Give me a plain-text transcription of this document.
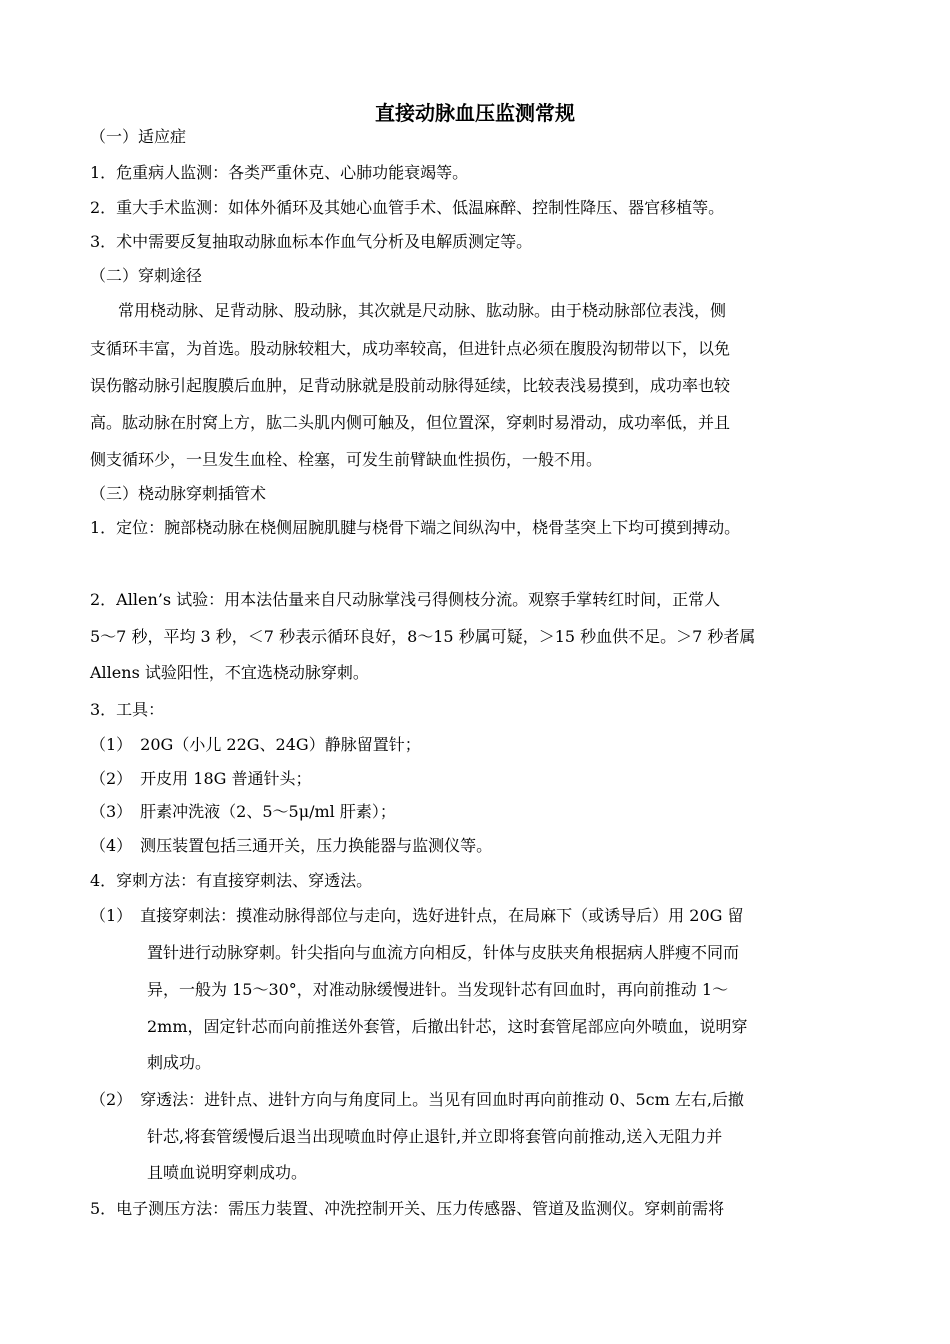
直接动脉血压监测常规
（一）适应症
1．危重病人监测：各类严重休克、心肺功能衰竭等。
2．重大手术监测：如体外循环及其她心血管手术、低温麻醉、控制性降压、器官移植等。
3．术中需要反复抽取动脉血标本作血气分析及电解质测定等。
（二）穿刺途径
常用桡动脉、足背动脉、股动脉，其次就是尺动脉、肱动脉。由于桡动脉部位表浅，侧
支循环丰富，为首选。股动脉较粗大，成功率较高，但进针点必须在腹股沟韧带以下，以免
误伤髂动脉引起腹膜后血肿，足背动脉就是股前动脉得延续，比较表浅易摸到，成功率也较
高。肱动脉在肘窝上方，肱二头肌内侧可触及，但位置深，穿刺时易滑动，成功率低，并且
侧支循环少，一旦发生血栓、栓塞，可发生前臂缺血性损伤，一般不用。
（三）桡动脉穿刺插管术
1．定位：腕部桡动脉在桡侧屈腕肌腱与桡骨下端之间纵沟中，桡骨茎突上下均可摸到搏动。
2．Allen’s 试验：用本法估量来自尺动脉掌浅弓得侧枝分流。观察手掌转红时间，正常人
5～7 秒，平均 3 秒，＜7 秒表示循环良好，8～15 秒属可疑，＞15 秒血供不足。＞7 秒者属
Allens 试验阳性，不宜选桡动脉穿刺。
3．工具：
（1）　20G（小儿 22G、24G）静脉留置针；
（2）　开皮用 18G 普通针头；
（3）　肝素冲洗液（2、5～5μ/ml 肝素）；
（4）　测压装置包括三通开关，压力换能器与监测仪等。
4．穿刺方法：有直接穿刺法、穿透法。
（1）　直接穿刺法：摸准动脉得部位与走向，选好进针点，在局麻下（或诱导后）用 20G 留
置针进行动脉穿刺。针尖指向与血流方向相反，针体与皮肤夹角根据病人胖瘦不同而
异，一般为 15～30°，对准动脉缓慢进针。当发现针芯有回血时，再向前推动 1～
2mm，固定针芯而向前推送外套管，后撤出针芯，这时套管尾部应向外喷血，说明穿
刺成功。
（2）　穿透法：进针点、进针方向与角度同上。当见有回血时再向前推动 0、5cm 左右,后撤
针芯,将套管缓慢后退当出现喷血时停止退针,并立即将套管向前推动,送入无阻力并
且喷血说明穿刺成功。
5．电子测压方法：需压力装置、冲洗控制开关、压力传感器、管道及监测仪。穿刺前需将
